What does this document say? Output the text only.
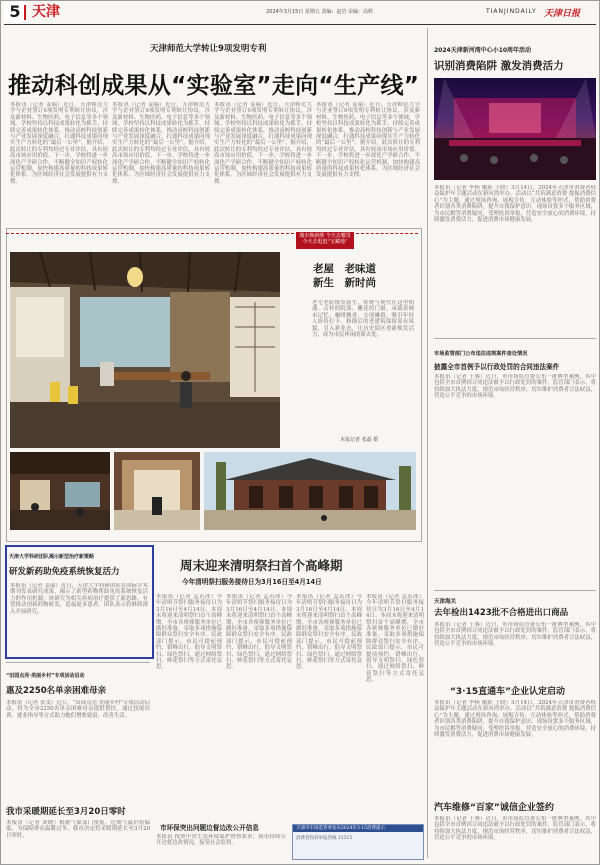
5 天津	2024年3月15日 星期五 责编：赵岩 美编：高辉	TIANJINDAILY 天津日报
天津师范大学转让9项发明专利
推动科创成果从“实验室”走向“生产线”
本报讯（记者 姜瑞）近日，天津师范大学与企业签订9项发明专利转让协议，涉及新材料、生物医药、电子信息等多个领域。学校坚持以科技成果转化为抓手，持续完善成果转化体系，推动高校科技创新与产业发展深度融合，打通科技成果向现实生产力转化的“最后一公里”。据介绍，此次转让的专利均经过专业评估，具有较高市场应用价值。下一步，学校将进一步深化产学研合作，不断健全知识产权转化运营机制，加快构建高质量的科技成果转化体系，为区域经济社会发展提供有力支撑。
本报讯（记者 姜瑞）近日，天津师范大学与企业签订9项发明专利转让协议，涉及新材料、生物医药、电子信息等多个领域。学校坚持以科技成果转化为抓手，持续完善成果转化体系，推动高校科技创新与产业发展深度融合，打通科技成果向现实生产力转化的“最后一公里”。据介绍，此次转让的专利均经过专业评估，具有较高市场应用价值。下一步，学校将进一步深化产学研合作，不断健全知识产权转化运营机制，加快构建高质量的科技成果转化体系，为区域经济社会发展提供有力支撑。
本报讯（记者 姜瑞）近日，天津师范大学与企业签订9项发明专利转让协议，涉及新材料、生物医药、电子信息等多个领域。学校坚持以科技成果转化为抓手，持续完善成果转化体系，推动高校科技创新与产业发展深度融合，打通科技成果向现实生产力转化的“最后一公里”。据介绍，此次转让的专利均经过专业评估，具有较高市场应用价值。下一步，学校将进一步深化产学研合作，不断健全知识产权转化运营机制，加快构建高质量的科技成果转化体系，为区域经济社会发展提供有力支撑。
本报讯（记者 姜瑞）近日，天津师范大学与企业签订9项发明专利转让协议，涉及新材料、生物医药、电子信息等多个领域。学校坚持以科技成果转化为抓手，持续完善成果转化体系，推动高校科技创新与产业发展深度融合，打通科技成果向现实生产力转化的“最后一公里”。据介绍，此次转让的专利均经过专业评估，具有较高市场应用价值。下一步，学校将进一步深化产学研合作，不断健全知识产权转化运营机制，加快构建高质量的科技成果转化体系，为区域经济社会发展提供有力支撑。
2024天津新河湾中心小10周年活动
识别消费陷阱 激发消费活力
本报讯（记者 李杨 摄影 王晓）3月14日，2024年天津市消费者权益保护年主题活动在新河湾举办。活动以“共筑满意消费 提振消费信心”为主题，通过现场咨询、展板宣传、互动体验等形式，帮助消费者识别各类消费陷阱，提升自我保护意识。现场设置多个服务区域，为市民解答消费疑问，受理投诉举报，营造安全放心的消费环境，持续激发消费活力，促进消费市场健康发展。
城市焕新颜 今天去哪里
今天去逛逛“宝藏地”
老屋　老味道
新生　新时尚
老宅老院焕发新生，传统与现代在这里相遇。古朴的院落、雕花的门窗，承载着城市记忆；咖啡飘香、文创琳琅，吸引年轻人纷纷打卡。修缮后的老建筑保留原有风貌，引入新业态，让历史街区重新焕发活力，成为市民休闲的新去处。
本报记者 张磊 摄
市场监管部门公布违法违规案件查处情况
披露全市首例予以行政处罚的合同违法案件
本报讯（记者 王睿）近日，市市场监管委公布一批典型案例，其中包括全市首例因合同违法被予以行政处罚的案件。监管部门表示，将持续加大执法力度，规范市场经营秩序，切实维护消费者合法权益，营造公平竞争的市场环境。
天津大学科研团队揭示新型治疗新策略
研发新药助免疫系统恢复活力
本报讯（记者 姜瑞）近日，天津大学科研团队在国际学术期刊发表研究成果，揭示了新型药物帮助免疫系统恢复活力的作用机制。该研究为相关疾病治疗提供了新思路，有望推动创新药物研发，造福更多患者。团队表示将继续深入开展研究。
周末迎来清明祭扫首个高峰期
今年清明祭扫服务接待日为3月16日至4月14日
本报讯（记者 孟若冰）今年清明节祭扫服务接待日为3月16日至4月14日。本周末将迎来清明祭扫首个高峰期，全市各殡葬服务单位已做好准备，采取多项措施保障群众祭扫安全有序。民政部门提示，市民可提前预约，错峰出行，倡导文明祭扫、绿色祭扫，通过网络祭扫、鲜花祭扫等方式寄托哀思。
本报讯（记者 孟若冰）今年清明节祭扫服务接待日为3月16日至4月14日。本周末将迎来清明祭扫首个高峰期，全市各殡葬服务单位已做好准备，采取多项措施保障群众祭扫安全有序。民政部门提示，市民可提前预约，错峰出行，倡导文明祭扫、绿色祭扫，通过网络祭扫、鲜花祭扫等方式寄托哀思。
本报讯（记者 孟若冰）今年清明节祭扫服务接待日为3月16日至4月14日。本周末将迎来清明祭扫首个高峰期，全市各殡葬服务单位已做好准备，采取多项措施保障群众祭扫安全有序。民政部门提示，市民可提前预约，错峰出行，倡导文明祭扫、绿色祭扫，通过网络祭扫、鲜花祭扫等方式寄托哀思。
本报讯（记者 孟若冰）今年清明节祭扫服务接待日为3月16日至4月14日。本周末将迎来清明祭扫首个高峰期，全市各殡葬服务单位已做好准备，采取多项措施保障群众祭扫安全有序。民政部门提示，市民可提前预约，错峰出行，倡导文明祭扫、绿色祭扫，通过网络祭扫、鲜花祭扫等方式寄托哀思。
“田园点亮·美丽乡村”专项活动启动
惠及2250名单亲困难母亲
本报讯（记者 张雯）近日，“田园点亮·美丽乡村”专项活动启动，将为全市2250名单亲困难母亲提供帮扶，通过技能培训、就业指导等方式助力她们增收致富，改善生活。
我市采暖期延长至3月20日零时
本报讯（记者 刘晓）根据气象部门预报，近期气温仍将偏低，为保障群众温暖过冬，我市决定将采暖期延长至3月20日零时。
市环保突出问题边督边改公开信息
本报讯 按照中央生态环境保护督察要求，我市持续公开边督边改情况，接受社会监督。
天津市市场监管委发布2024年3·15消费提示
消费者投诉举报热线 12315
天津海关
去年检出1423批不合格进出口商品
本报讯（记者 王睿）近日，市市场监管委公布一批典型案例，其中包括全市首例因合同违法被予以行政处罚的案件。监管部门表示，将持续加大执法力度，规范市场经营秩序，切实维护消费者合法权益，营造公平竞争的市场环境。
“3·15直通车”企业认定启动
本报讯（记者 李杨 摄影 王晓）3月14日，2024年天津市消费者权益保护年主题活动在新河湾举办。活动以“共筑满意消费 提振消费信心”为主题，通过现场咨询、展板宣传、互动体验等形式，帮助消费者识别各类消费陷阱，提升自我保护意识。现场设置多个服务区域，为市民解答消费疑问，受理投诉举报，营造安全放心的消费环境，持续激发消费活力，促进消费市场健康发展。
汽车维修“百家”诚信企业签约
本报讯（记者 王睿）近日，市市场监管委公布一批典型案例，其中包括全市首例因合同违法被予以行政处罚的案件。监管部门表示，将持续加大执法力度，规范市场经营秩序，切实维护消费者合法权益，营造公平竞争的市场环境。
